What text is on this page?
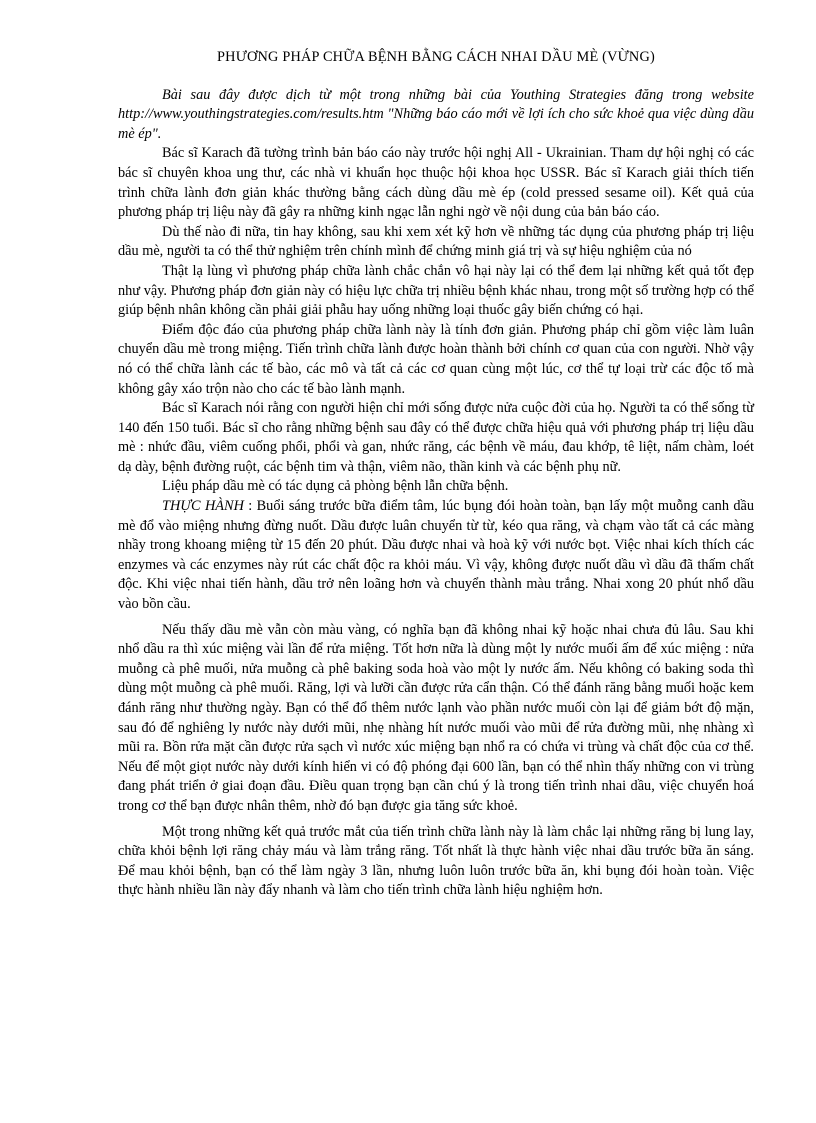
PHƯƠNG PHÁP CHỮA BỆNH BẰNG CÁCH NHAI DẦU MÈ (VỪNG)

Bài sau đây được dịch từ một trong những bài của Youthing Strategies đăng trong website http://www.youthingstrategies.com/results.htm "Những báo cáo mới về lợi ích cho sức khoẻ qua việc dùng dầu mè ép".

Bác sĩ Karach đã tường trình bản báo cáo này trước hội nghị All - Ukrainian. Tham dự hội nghị có các bác sĩ chuyên khoa ung thư, các nhà vi khuẩn học thuộc hội khoa học USSR. Bác sĩ Karach giải thích tiến trình chữa lành đơn giản khác thường bằng cách dùng dầu mè ép (cold pressed sesame oil). Kết quả của phương pháp trị liệu này đã gây ra những kinh ngạc lẫn nghi ngờ về nội dung của bản báo cáo.

Dù thế nào đi nữa, tin hay không, sau khi xem xét kỹ hơn về những tác dụng của phương pháp trị liệu dầu mè, người ta có thể thử nghiệm trên chính mình để chứng minh giá trị và sự hiệu nghiệm của nó

Thật lạ lùng vì phương pháp chữa lành chắc chắn vô hại này lại có thể đem lại những kết quả tốt đẹp như vậy. Phương pháp đơn giản này có hiệu lực chữa trị nhiều bệnh khác nhau, trong một số trường hợp có thể giúp bệnh nhân không cần phải giải phẫu hay uống những loại thuốc gây biến chứng có hại.

Điểm độc đáo của phương pháp chữa lành này là tính đơn giản. Phương pháp chỉ gồm việc làm luân chuyển dầu mè trong miệng. Tiến trình chữa lành được hoàn thành bởi chính cơ quan của con người. Nhờ vậy nó có thể chữa lành các tế bào, các mô và tất cả các cơ quan cùng một lúc, cơ thể tự loại trừ các độc tố mà không gây xáo trộn nào cho các tế bào lành mạnh.

Bác sĩ Karach nói rằng con người hiện chỉ mới sống được nửa cuộc đời của họ. Người ta có thể sống từ 140 đến 150 tuổi. Bác sĩ cho rằng những bệnh sau đây có thể được chữa hiệu quả với phương pháp trị liệu dầu mè : nhức đầu, viêm cuống phổi, phổi và gan, nhức răng, các bệnh về máu, đau khớp, tê liệt, nấm chàm, loét dạ dày, bệnh đường ruột, các bệnh tim và thận, viêm não, thần kinh và các bệnh phụ nữ.

Liệu pháp dầu mè có tác dụng cả phòng bệnh lẫn chữa bệnh.

THỰC HÀNH : Buổi sáng trước bữa điểm tâm, lúc bụng đói hoàn toàn, bạn lấy một muỗng canh dầu mè đổ vào miệng nhưng đừng nuốt. Dầu được luân chuyển từ từ, kéo qua răng, và chạm vào tất cả các màng nhầy trong khoang miệng từ 15 đến 20 phút. Dầu được nhai và hoà kỹ với nước bọt. Việc nhai kích thích các enzymes và các enzymes này rút các chất độc ra khỏi máu. Vì vậy, không được nuốt dầu vì dầu đã thấm chất độc. Khi việc nhai tiến hành, dầu trở nên loãng hơn và chuyển thành màu trắng. Nhai xong 20 phút nhổ dầu vào bồn cầu.

Nếu thấy dầu mè vẫn còn màu vàng, có nghĩa bạn đã không nhai kỹ hoặc nhai chưa đủ lâu. Sau khi nhổ dầu ra thì xúc miệng vài lần để rửa miệng. Tốt hơn nữa là dùng một ly nước muối ấm để xúc miệng : nửa muỗng cà phê muối, nửa muỗng cà phê baking soda hoà vào một ly nước ấm. Nếu không có baking soda thì dùng một muỗng cà phê muối. Răng, lợi và lưỡi cần được rửa cẩn thận. Có thể đánh răng bằng muối hoặc kem đánh răng như thường ngày. Bạn có thể đổ thêm nước lạnh vào phần nước muối còn lại để giảm bớt độ mặn, sau đó để nghiêng ly nước này dưới mũi, nhẹ nhàng hít nước muối vào mũi để rửa đường mũi, nhẹ nhàng xì mũi ra. Bồn rửa mặt cần được rửa sạch vì nước xúc miệng bạn nhổ ra có chứa vi trùng và chất độc của cơ thể. Nếu để một giọt nước này dưới kính hiển vi có độ phóng đại 600 lần, bạn có thể nhìn thấy những con vi trùng đang phát triển ở giai đoạn đầu. Điều quan trọng bạn cần chú ý là trong tiến trình nhai dầu, việc chuyển hoá trong cơ thể bạn được nhân thêm, nhờ đó bạn được gia tăng sức khoẻ.

Một trong những kết quả trước mắt của tiến trình chữa lành này là làm chắc lại những răng bị lung lay, chữa khỏi bệnh lợi răng chảy máu và làm trắng răng. Tốt nhất là thực hành việc nhai dầu trước bữa ăn sáng. Để mau khỏi bệnh, bạn có thể làm ngày 3 lần, nhưng luôn luôn trước bữa ăn, khi bụng đói hoàn toàn. Việc thực hành nhiều lần này đẩy nhanh và làm cho tiến trình chữa lành hiệu nghiệm hơn.
